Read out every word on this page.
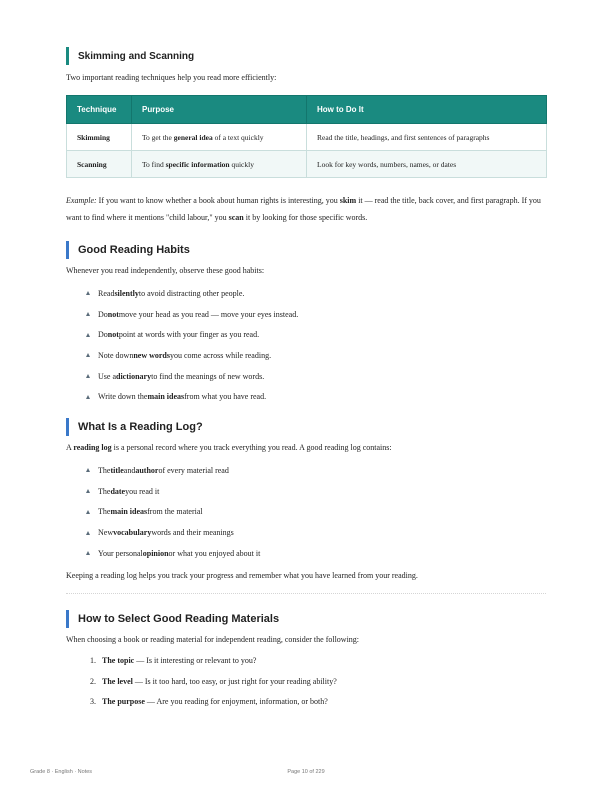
Skimming and Scanning

Two important reading techniques help you read more efficiently:

Technique	Purpose	How to Do It
Skimming	To get the general idea of a text quickly	Read the title, headings, and first sentences of paragraphs
Scanning	To find specific information quickly	Look for key words, numbers, names, or dates

Example: If you want to know whether a book about human rights is interesting, you skim it — read the title, back cover, and first paragraph. If you want to find where it mentions "child labour," you scan it by looking for those specific words.

Good Reading Habits

Whenever you read independently, observe these good habits:

Read silently to avoid distracting other people.
Do not move your head as you read — move your eyes instead.
Do not point at words with your finger as you read.
Note down new words you come across while reading.
Use a dictionary to find the meanings of new words.
Write down the main ideas from what you have read.
What Is a Reading Log?

A reading log is a personal record where you track everything you read. A good reading log contains:

The title and author of every material read
The date you read it
The main ideas from the material
New vocabulary words and their meanings
Your personal opinion or what you enjoyed about it

Keeping a reading log helps you track your progress and remember what you have learned from your reading.

How to Select Good Reading Materials

When choosing a book or reading material for independent reading, consider the following:

1. The topic — Is it interesting or relevant to you?
2. The level — Is it too hard, too easy, or just right for your reading ability?
3. The purpose — Are you reading for enjoyment, information, or both?
Grade 8 · English · Notes	Page 10 of 229
